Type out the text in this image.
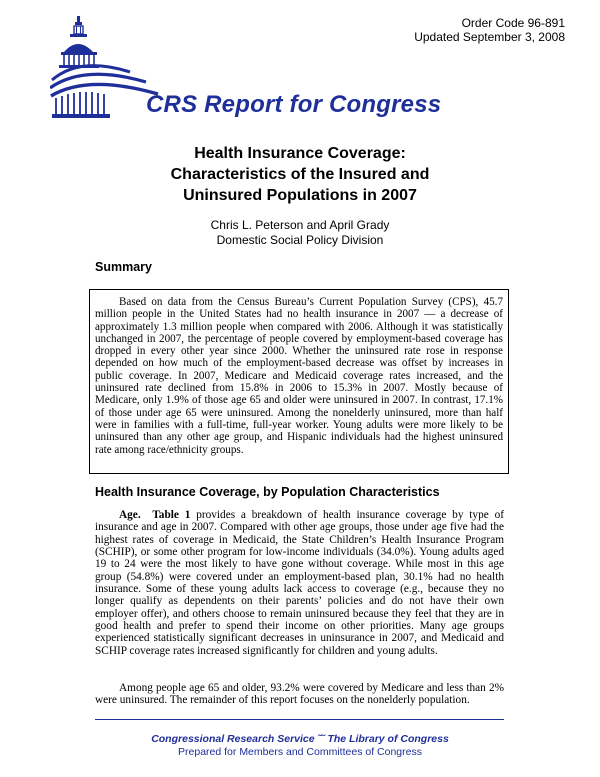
Order Code 96-891
Updated September 3, 2008
CRS Report for Congress
Health Insurance Coverage:
Characteristics of the Insured and
Uninsured Populations in 2007
Chris L. Peterson and April Grady
Domestic Social Policy Division
Summary

Based on data from the Census Bureau’s Current Population Survey (CPS), 45.7 million people in the United States had no health insurance in 2007 — a decrease of approximately 1.3 million people when compared with 2006. Although it was statistically unchanged in 2007, the percentage of people covered by employment-based coverage has dropped in every other year since 2000. Whether the uninsured rate rose in response depended on how much of the employment-based decrease was offset by increases in public coverage. In 2007, Medicare and Medicaid coverage rates increased, and the uninsured rate declined from 15.8% in 2006 to 15.3% in 2007. Mostly because of Medicare, only 1.9% of those age 65 and older were uninsured in 2007. In contrast, 17.1% of those under age 65 were uninsured. Among the nonelderly uninsured, more than half were in families with a full-time, full-year worker. Young adults were more likely to be uninsured than any other age group, and Hispanic individuals had the highest uninsured rate among race/ethnicity groups.

Health Insurance Coverage, by Population Characteristics

Age. Table 1 provides a breakdown of health insurance coverage by type of insurance and age in 2007. Compared with other age groups, those under age five had the highest rates of coverage in Medicaid, the State Children’s Health Insurance Program (SCHIP), or some other program for low-income individuals (34.0%). Young adults aged 19 to 24 were the most likely to have gone without coverage. While most in this age group (54.8%) were covered under an employment-based plan, 30.1% had no health insurance. Some of these young adults lack access to coverage (e.g., because they no longer qualify as dependents on their parents’ policies and do not have their own employer offer), and others choose to remain uninsured because they feel that they are in good health and prefer to spend their income on other priorities. Many age groups experienced statistically significant decreases in uninsurance in 2007, and Medicaid and SCHIP coverage rates increased significantly for children and young adults.

Among people age 65 and older, 93.2% were covered by Medicare and less than 2% were uninsured. The remainder of this report focuses on the nonelderly population.

Congressional Research Service ˜˜ The Library of Congress
Prepared for Members and Committees of Congress
